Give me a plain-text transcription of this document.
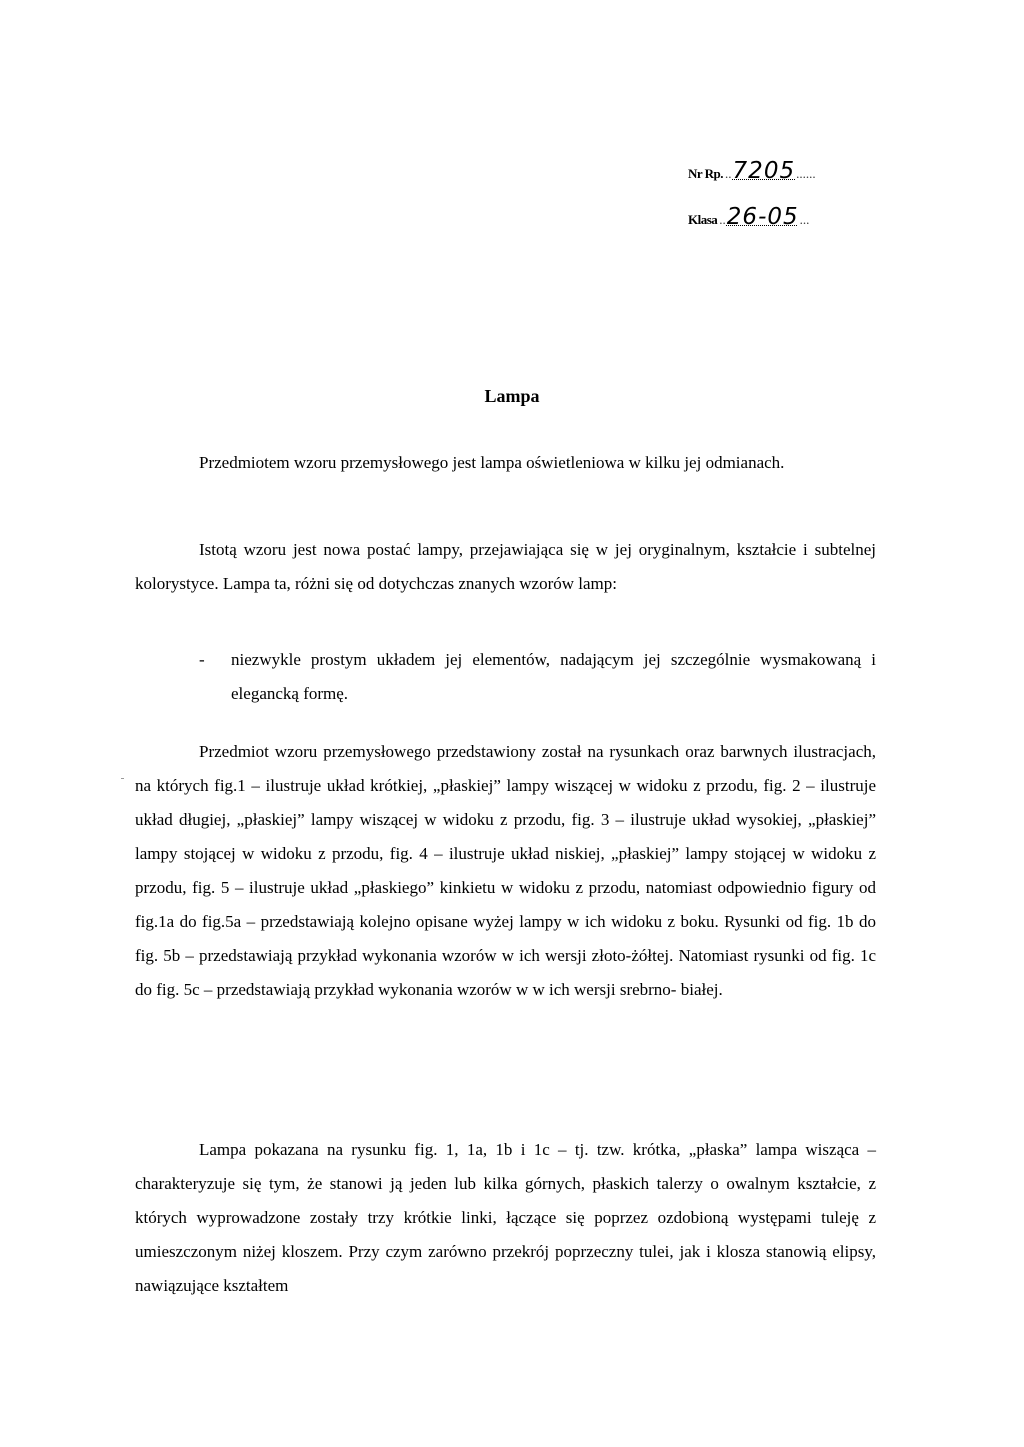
Nr Rp. .. 7205 ......
Klasa .. 26-05 ...
Lampa

Przedmiotem wzoru przemysłowego jest lampa oświetleniowa w kilku jej odmianach.

Istotą wzoru jest nowa postać lampy, przejawiająca się w jej oryginalnym, kształcie i subtelnej kolorystyce. Lampa ta, różni się od dotychczas znanych wzorów lamp:

-	niezwykle prostym układem jej elementów, nadającym jej szczególnie wysmakowaną i elegancką formę.

Przedmiot wzoru przemysłowego przedstawiony został na rysunkach oraz barwnych ilustracjach, na których fig.1 – ilustruje układ krótkiej, „płaskiej” lampy wiszącej w widoku z przodu, fig. 2 – ilustruje układ długiej, „płaskiej” lampy wiszącej w widoku z przodu, fig. 3 – ilustruje układ wysokiej, „płaskiej” lampy stojącej w widoku z przodu, fig. 4 – ilustruje układ niskiej, „płaskiej” lampy stojącej w widoku z przodu, fig. 5 – ilustruje układ „płaskiego” kinkietu w widoku z przodu, natomiast odpowiednio figury od fig.1a do fig.5a – przedstawiają kolejno opisane wyżej lampy w ich widoku z boku. Rysunki od fig. 1b do fig. 5b – przedstawiają przykład wykonania wzorów w ich wersji złoto-żółtej. Natomiast rysunki od fig. 1c do fig. 5c – przedstawiają przykład wykonania wzorów w w ich wersji srebrno- białej.

Lampa pokazana na rysunku fig. 1, 1a, 1b i 1c – tj. tzw. krótka, „płaska” lampa wisząca – charakteryzuje się tym, że stanowi ją jeden lub kilka górnych, płaskich talerzy o owalnym kształcie, z których wyprowadzone zostały trzy krótkie linki, łączące się poprzez ozdobioną występami tuleję z umieszczonym niżej kloszem. Przy czym zarówno przekrój poprzeczny tulei, jak i klosza stanowią elipsy, nawiązujące kształtem
